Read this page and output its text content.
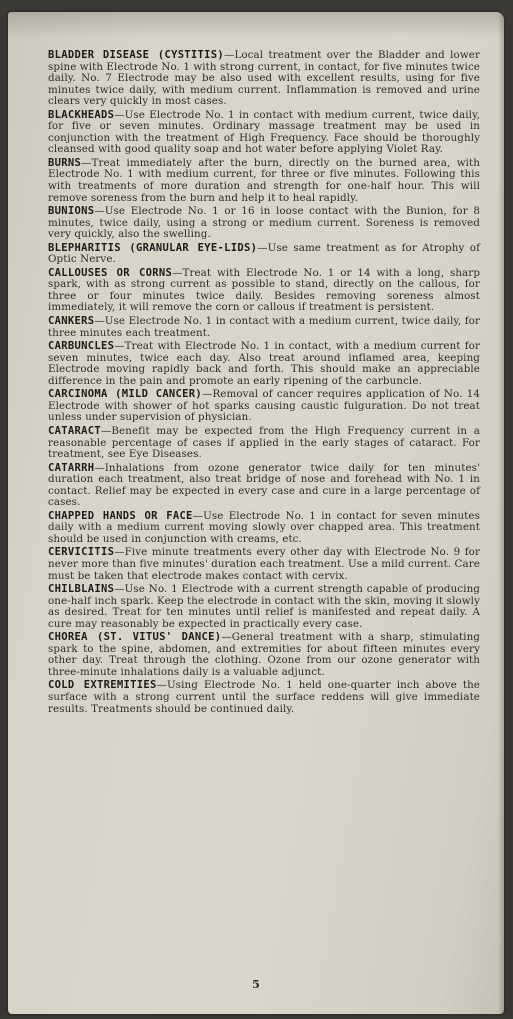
BLADDER DISEASE (CYSTITIS)—Local treatment over the Bladder and lower spine with Electrode No. 1 with strong current, in contact, for five minutes twice daily. No. 7 Electrode may be also used with excellent results, using for five minutes twice daily, with medium current. Inflammation is removed and urine clears very quickly in most cases.

BLACKHEADS—Use Electrode No. 1 in contact with medium current, twice daily, for five or seven minutes. Ordinary massage treatment may be used in conjunction with the treatment of High Frequency. Face should be thoroughly cleansed with good quality soap and hot water before applying Violet Ray.

BURNS—Treat immediately after the burn, directly on the burned area, with Electrode No. 1 with medium current, for three or five minutes. Following this with treatments of more duration and strength for one-half hour. This will remove soreness from the burn and help it to heal rapidly.

BUNIONS—Use Electrode No. 1 or 16 in loose contact with the Bunion, for 8 minutes, twice daily, using a strong or medium current. Soreness is removed very quickly, also the swelling.

BLEPHARITIS (GRANULAR EYE-LIDS)—Use same treatment as for Atrophy of Optic Nerve.

CALLOUSES OR CORNS—Treat with Electrode No. 1 or 14 with a long, sharp spark, with as strong current as possible to stand, directly on the callous, for three or four minutes twice daily. Besides removing soreness almost immediately, it will remove the corn or callous if treatment is persistent.

CANKERS—Use Electrode No. 1 in contact with a medium current, twice daily, for three minutes each treatment.

CARBUNCLES—Treat with Electrode No. 1 in contact, with a medium current for seven minutes, twice each day. Also treat around inflamed area, keeping Electrode moving rapidly back and forth. This should make an appreciable difference in the pain and promote an early ripening of the carbuncle.

CARCINOMA (MILD CANCER)—Removal of cancer requires application of No. 14 Electrode with shower of hot sparks causing caustic fulguration. Do not treat unless under supervision of physician.

CATARACT—Benefit may be expected from the High Frequency current in a reasonable percentage of cases if applied in the early stages of cataract. For treatment, see Eye Diseases.

CATARRH—Inhalations from ozone generator twice daily for ten minutes' duration each treatment, also treat bridge of nose and forehead with No. 1 in contact. Relief may be expected in every case and cure in a large percentage of cases.

CHAPPED HANDS OR FACE—Use Electrode No. 1 in contact for seven minutes daily with a medium current moving slowly over chapped area. This treatment should be used in conjunction with creams, etc.

CERVICITIS—Five minute treatments every other day with Electrode No. 9 for never more than five minutes' duration each treatment. Use a mild current. Care must be taken that electrode makes contact with cervix.

CHILBLAINS—Use No. 1 Electrode with a current strength capable of producing one-half inch spark. Keep the electrode in contact with the skin, moving it slowly as desired. Treat for ten minutes until relief is manifested and repeat daily. A cure may reasonably be expected in practically every case.

CHOREA (ST. VITUS' DANCE)—General treatment with a sharp, stimulating spark to the spine, abdomen, and extremities for about fifteen minutes every other day. Treat through the clothing. Ozone from our ozone generator with three-minute inhalations daily is a valuable adjunct.

COLD EXTREMITIES—Using Electrode No. 1 held one-quarter inch above the surface with a strong current until the surface reddens will give immediate results. Treatments should be continued daily.

5
